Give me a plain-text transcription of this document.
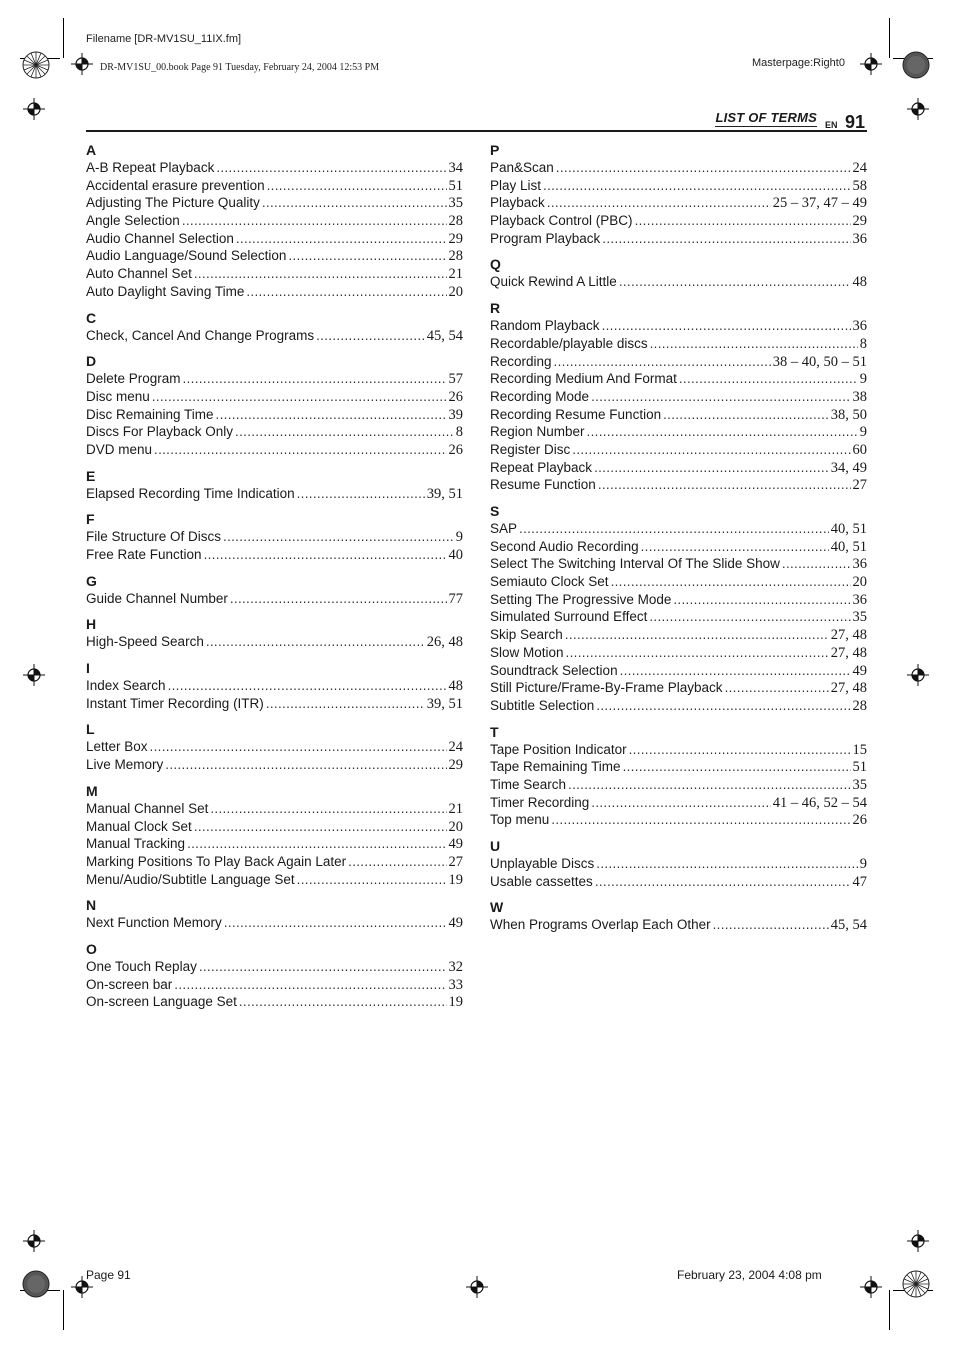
Filename [DR-MV1SU_11IX.fm]
DR-MV1SU_00.book Page 91 Tuesday, February 24, 2004 12:53 PM	Masterpage:Right0
LIST OF TERMS EN 91
A
A-B Repeat Playback .....	34
Accidental erasure prevention .....	51
Adjusting The Picture Quality .....	35
Angle Selection .....	28
Audio Channel Selection .....	29
Audio Language/Sound Selection .....	28
Auto Channel Set .....	21
Auto Daylight Saving Time .....	20
C
Check, Cancel And Change Programs .....	45, 54
D
Delete Program .....	57
Disc menu .....	26
Disc Remaining Time .....	39
Discs For Playback Only .....	8
DVD menu .....	26
E
Elapsed Recording Time Indication .....	39, 51
F
File Structure Of Discs .....	9
Free Rate Function .....	40
G
Guide Channel Number .....	77
H
High-Speed Search .....	26, 48
I
Index Search .....	48
Instant Timer Recording (ITR) .....	39, 51
L
Letter Box .....	24
Live Memory .....	29
M
Manual Channel Set .....	21
Manual Clock Set .....	20
Manual Tracking .....	49
Marking Positions To Play Back Again Later .....	27
Menu/Audio/Subtitle Language Set .....	19
N
Next Function Memory .....	49
O
One Touch Replay .....	32
On-screen bar .....	33
On-screen Language Set .....	19
P
Pan&Scan .....	24
Play List .....	58
Playback .....	25 – 37, 47 – 49
Playback Control (PBC) .....	29
Program Playback .....	36
Q
Quick Rewind A Little .....	48
R
Random Playback .....	36
Recordable/playable discs .....	8
Recording .....	38 – 40, 50 – 51
Recording Medium And Format .....	9
Recording Mode .....	38
Recording Resume Function .....	38, 50
Region Number .....	9
Register Disc .....	60
Repeat Playback .....	34, 49
Resume Function .....	27
S
SAP .....	40, 51
Second Audio Recording .....	40, 51
Select The Switching Interval Of The Slide Show .....	36
Semiauto Clock Set .....	20
Setting The Progressive Mode .....	36
Simulated Surround Effect .....	35
Skip Search .....	27, 48
Slow Motion .....	27, 48
Soundtrack Selection .....	49
Still Picture/Frame-By-Frame Playback .....	27, 48
Subtitle Selection .....	28
T
Tape Position Indicator .....	15
Tape Remaining Time .....	51
Time Search .....	35
Timer Recording .....	41 – 46, 52 – 54
Top menu .....	26
U
Unplayable Discs .....	9
Usable cassettes .....	47
W
When Programs Overlap Each Other .....	45, 54
Page 91	February 23, 2004 4:08 pm
